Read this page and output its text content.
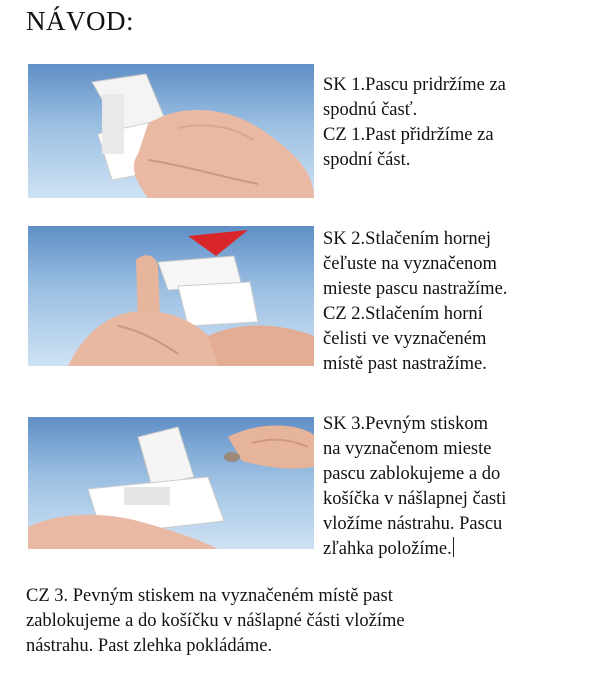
NÁVOD:
SK 1.Pascu pridržíme za
spodnú časť.
CZ 1.Past přidržíme za
spodní část.
SK 2.Stlačením hornej
čeľuste na vyznačenom
mieste pascu nastražíme.
CZ 2.Stlačením horní
čelisti ve vyznačeném
místě past nastražíme.
SK 3.Pevným stiskom
na vyznačenom mieste
pascu zablokujeme a do
košíčka v nášlapnej časti
vložíme nástrahu. Pascu
zľahka položíme.
CZ 3. Pevným stiskem na vyznačeném místě past
zablokujeme a do košíčku v nášlapné části vložíme
nástrahu. Past zlehka pokládáme.
